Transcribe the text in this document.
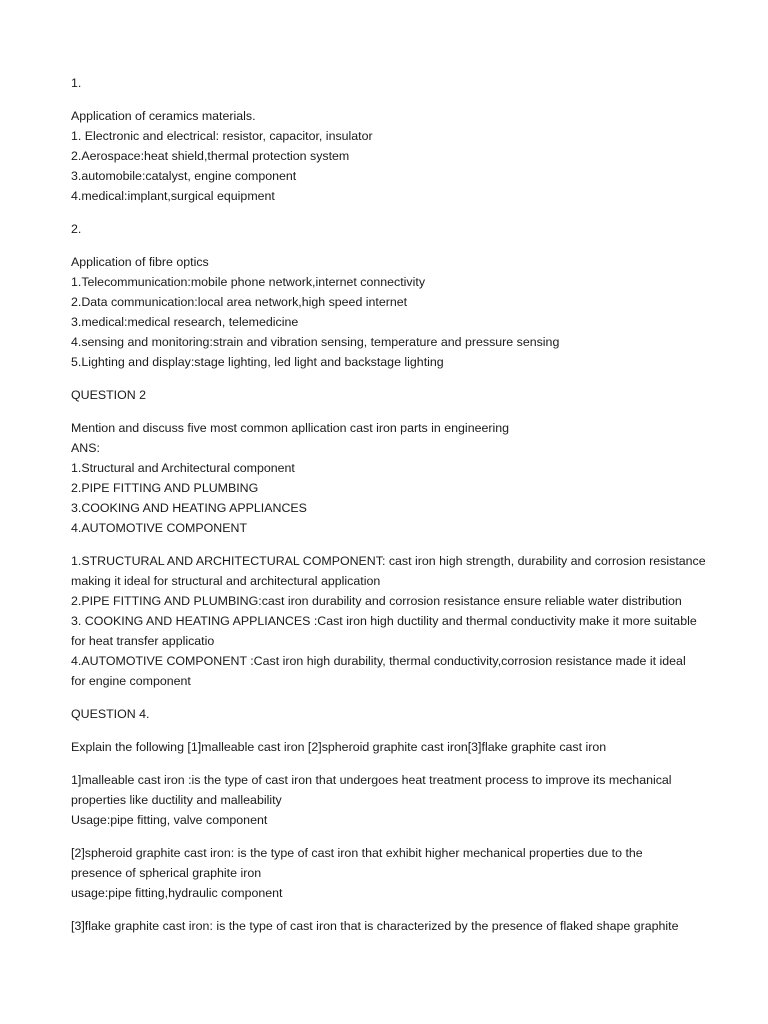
1.
Application of ceramics materials.
1. Electronic and electrical: resistor, capacitor, insulator
2.Aerospace:heat shield,thermal protection system
3.automobile:catalyst, engine component
4.medical:implant,surgical equipment
2.
Application of fibre optics
1.Telecommunication:mobile phone network,internet connectivity
2.Data communication:local area network,high speed internet
3.medical:medical research, telemedicine
4.sensing and monitoring:strain and vibration sensing, temperature and pressure sensing
5.Lighting and display:stage lighting, led light and backstage lighting
QUESTION 2
Mention and discuss five most common apllication cast iron parts in engineering
ANS:
1.Structural and Architectural component
2.PIPE FITTING AND PLUMBING
3.COOKING AND HEATING APPLIANCES
4.AUTOMOTIVE COMPONENT
1.STRUCTURAL AND ARCHITECTURAL COMPONENT: cast iron high strength, durability and corrosion resistance
making it ideal for structural and architectural application
2.PIPE FITTING AND PLUMBING:cast iron durability and corrosion resistance ensure reliable water distribution
3. COOKING AND HEATING APPLIANCES :Cast iron high ductility and thermal conductivity make it more suitable
for heat transfer applicatio
4.AUTOMOTIVE COMPONENT :Cast iron high durability, thermal conductivity,corrosion resistance made it ideal
for engine component
QUESTION 4.
Explain the following [1]malleable cast iron [2]spheroid graphite cast iron[3]flake graphite cast iron
1]malleable cast iron :is the type of cast iron that undergoes heat treatment process to improve its mechanical
properties like ductility and malleability
Usage:pipe fitting, valve component
[2]spheroid graphite cast iron: is the type of cast iron that exhibit higher mechanical properties due to the
presence of spherical graphite iron
usage:pipe fitting,hydraulic component
[3]flake graphite cast iron: is the type of cast iron that is characterized by the presence of flaked shape graphite
